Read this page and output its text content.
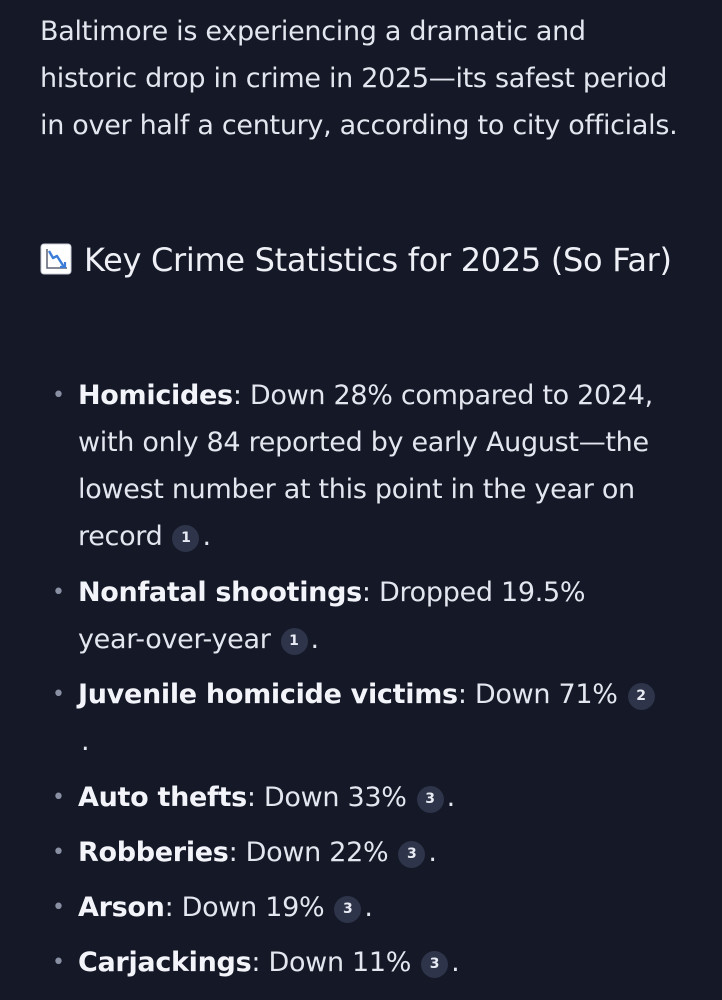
Baltimore is experiencing a dramatic and historic drop in crime in 2025—its safest period in over half a century, according to city officials.

Key Crime Statistics for 2025 (So Far)
• Homicides: Down 28% compared to 2024, with only 84 reported by early August—the lowest number at this point in the year on record 1 .
• Nonfatal shootings: Dropped 19.5% year-over-year 1 .
• Juvenile homicide victims: Down 71% 2.
• Auto thefts: Down 33% 3 .
• Robberies: Down 22% 3 .
• Arson: Down 19% 3 .
• Carjackings: Down 11% 3 .
